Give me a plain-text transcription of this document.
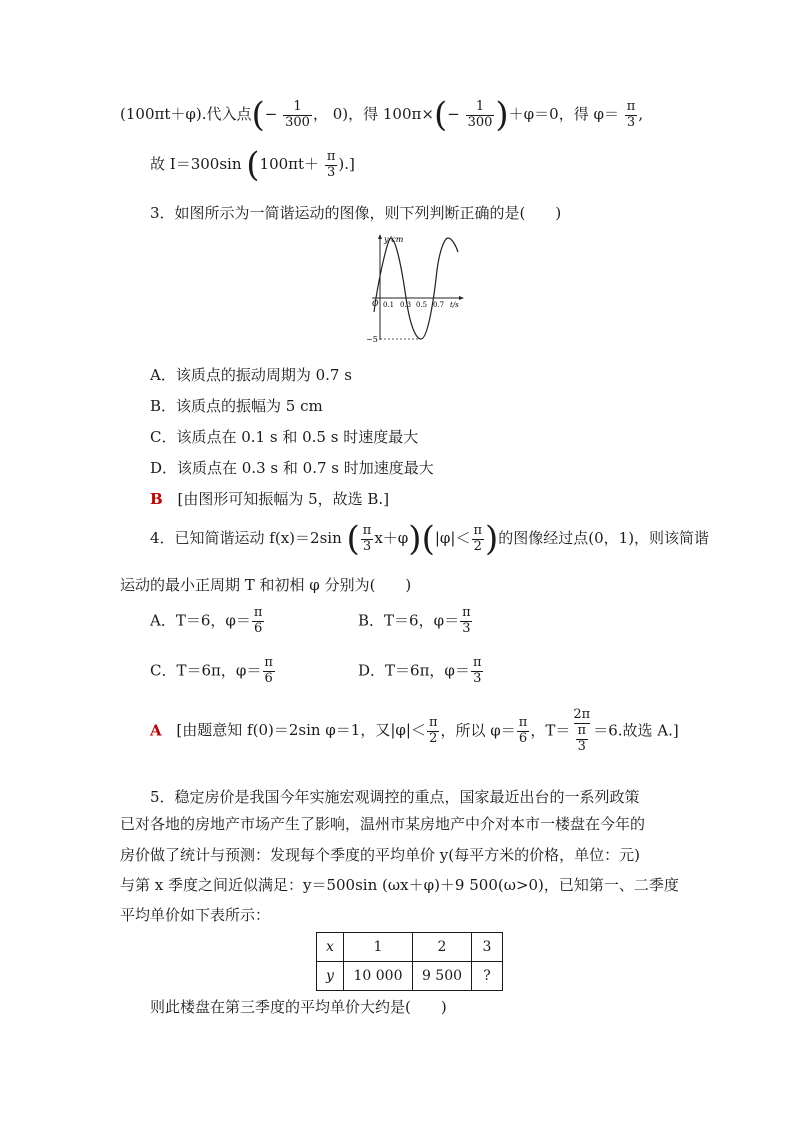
(100πt＋φ).代入点(− $\frac{1}{300}$ ， 0)，得 $100\pi\times(- \frac{1}{300} )+\varphi=0$，得 $\varphi= \frac{\pi}{3}$ ,
故 I＝300sin ($100\pi t+ \frac{\pi}{3}$ ).]
3．如图所示为一简谐运动的图像，则下列判断正确的是(　　)
y/cm
O 0.1 0.3 0.5 0.7 t/s
−5
A．该质点的振动周期为 0.7 s
B．该质点的振幅为 5 cm
C．该质点在 0.1 s 和 0.5 s 时速度最大
D．该质点在 0.3 s 和 0.7 s 时加速度最大
B [由图形可知振幅为 5，故选 B.]
4．已知简谐运动 f(x)＝2sin ( $\frac{\pi}{3} x+\varphi)(|\varphi|< \frac{\pi}{2}$ )的图像经过点(0，1)，则该简谐
运动的最小正周期 T 和初相 φ 分别为(　　)
A．T＝6，$\varphi= \frac{\pi}{6}$	B．T＝6，$\varphi= \frac{\pi}{3}$
C．T＝6π，$\varphi= \frac{\pi}{6}$	D．T＝6π，$\varphi= \frac{\pi}{3}$
A [由题意知 f(0)＝2sin φ＝1，又$|\varphi|< \frac{\pi}{2}$ ，所以 $\varphi= \frac{\pi}{6}$ ，$T= \frac{2\pi}{\frac{\pi}{3}} =6$.故选 A.]
5．稳定房价是我国今年实施宏观调控的重点，国家最近出台的一系列政策
已对各地的房地产市场产生了影响，温州市某房地产中介对本市一楼盘在今年的
房价做了统计与预测：发现每个季度的平均单价 y(每平方米的价格，单位：元)
与第 x 季度之间近似满足：y＝500sin (ωx＋φ)＋9 500(ω>0)，已知第一、二季度
平均单价如下表所示：
x	1	2	3
y	10 000	9 500	?
则此楼盘在第三季度的平均单价大约是(　　)
